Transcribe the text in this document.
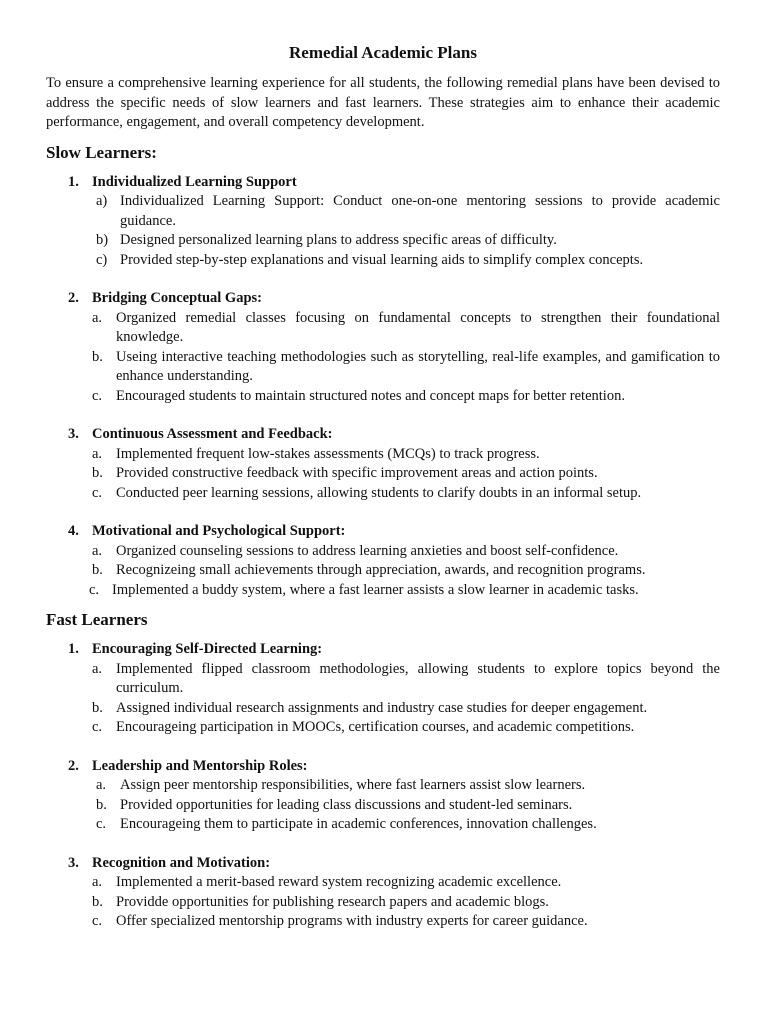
Remedial Academic Plans
To ensure a comprehensive learning experience for all students, the following remedial plans have been devised to address the specific needs of slow learners and fast learners. These strategies aim to enhance their academic performance, engagement, and overall competency development.
Slow Learners:
1. Individualized Learning Support
a) Individualized Learning Support: Conduct one-on-one mentoring sessions to provide academic guidance.
b) Designed personalized learning plans to address specific areas of difficulty.
c) Provided step-by-step explanations and visual learning aids to simplify complex concepts.
2. Bridging Conceptual Gaps:
a. Organized remedial classes focusing on fundamental concepts to strengthen their foundational knowledge.
b. Useing interactive teaching methodologies such as storytelling, real-life examples, and gamification to enhance understanding.
c. Encouraged students to maintain structured notes and concept maps for better retention.
3. Continuous Assessment and Feedback:
a. Implemented frequent low-stakes assessments (MCQs) to track progress.
b. Provided constructive feedback with specific improvement areas and action points.
c. Conducted peer learning sessions, allowing students to clarify doubts in an informal setup.
4. Motivational and Psychological Support:
a. Organized counseling sessions to address learning anxieties and boost self-confidence.
b. Recognizeing small achievements through appreciation, awards, and recognition programs.
c. Implemented a buddy system, where a fast learner assists a slow learner in academic tasks.
Fast Learners
1. Encouraging Self-Directed Learning:
a. Implemented flipped classroom methodologies, allowing students to explore topics beyond the curriculum.
b. Assigned individual research assignments and industry case studies for deeper engagement.
c. Encourageing participation in MOOCs, certification courses, and academic competitions.
2. Leadership and Mentorship Roles:
a. Assign peer mentorship responsibilities, where fast learners assist slow learners.
b. Provided opportunities for leading class discussions and student-led seminars.
c. Encourageing them to participate in academic conferences, innovation challenges.
3. Recognition and Motivation:
a. Implemented a merit-based reward system recognizing academic excellence.
b. Providde opportunities for publishing research papers and academic blogs.
c. Offer specialized mentorship programs with industry experts for career guidance.
